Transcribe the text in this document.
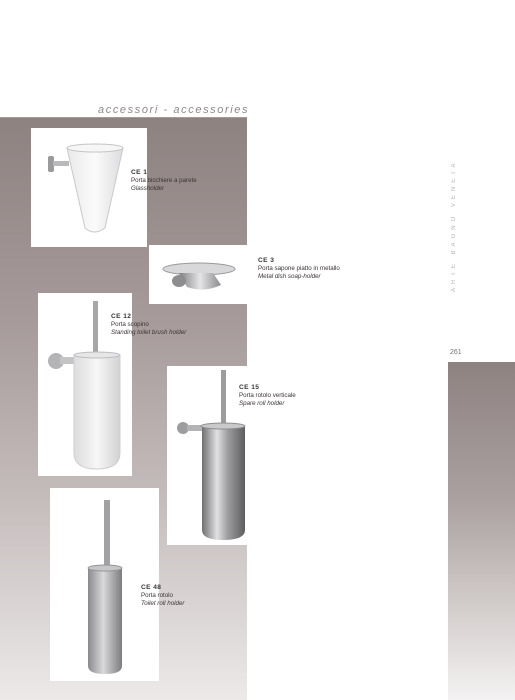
accessori - accessories
ARTE BAGNO VENETA
261
CE 1
Porta bicchiere a parete
Glassholder
CE 3
Porta sapone piatto in metallo
Metal dish soap-holder
CE 12
Porta scopino
Standing toilet brush holder
CE 15
Porta rotolo verticale
Spare roll holder
CE 48
Porta rotolo
Toilet roll holder
